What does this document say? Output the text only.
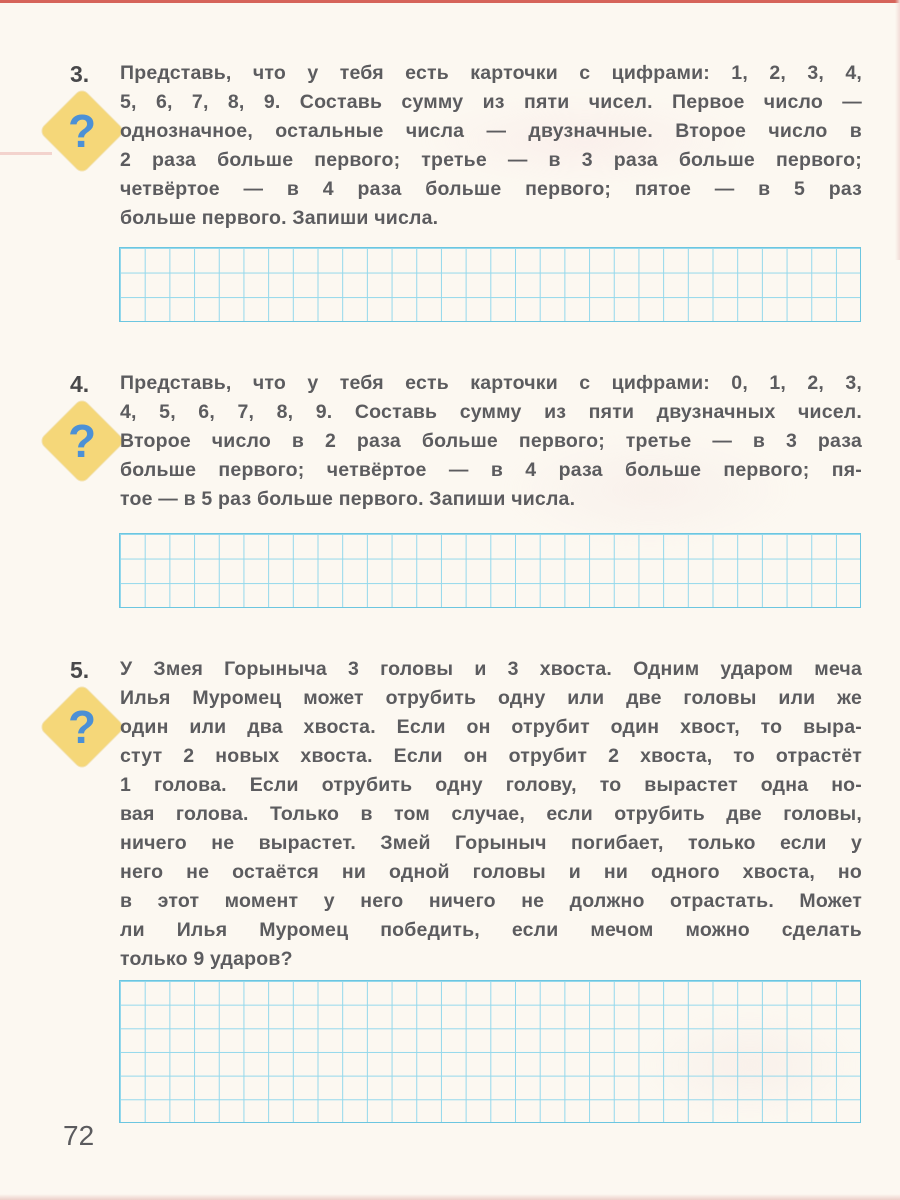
3.
?
Представь, что у тебя есть карточки с цифрами: 1, 2, 3, 4,
5, 6, 7, 8, 9. Составь сумму из пяти чисел. Первое число —
однозначное, остальные числа — двузначные. Второе число в
2 раза больше первого; третье — в 3 раза больше первого;
четвёртое — в 4 раза больше первого; пятое — в 5 раз
больше первого. Запиши числа.
4.
?
Представь, что у тебя есть карточки с цифрами: 0, 1, 2, 3,
4, 5, 6, 7, 8, 9. Составь сумму из пяти двузначных чисел.
Второе число в 2 раза больше первого; третье — в 3 раза
больше первого; четвёртое — в 4 раза больше первого; пя-
тое — в 5 раз больше первого. Запиши числа.
5.
?
У Змея Горыныча 3 головы и 3 хвоста. Одним ударом меча
Илья Муромец может отрубить одну или две головы или же
один или два хвоста. Если он отрубит один хвост, то выра-
стут 2 новых хвоста. Если он отрубит 2 хвоста, то отрастёт
1 голова. Если отрубить одну голову, то вырастет одна но-
вая голова. Только в том случае, если отрубить две головы,
ничего не вырастет. Змей Горыныч погибает, только если у
него не остаётся ни одной головы и ни одного хвоста, но
в этот момент у него ничего не должно отрастать. Может
ли Илья Муромец победить, если мечом можно сделать
только 9 ударов?
72
